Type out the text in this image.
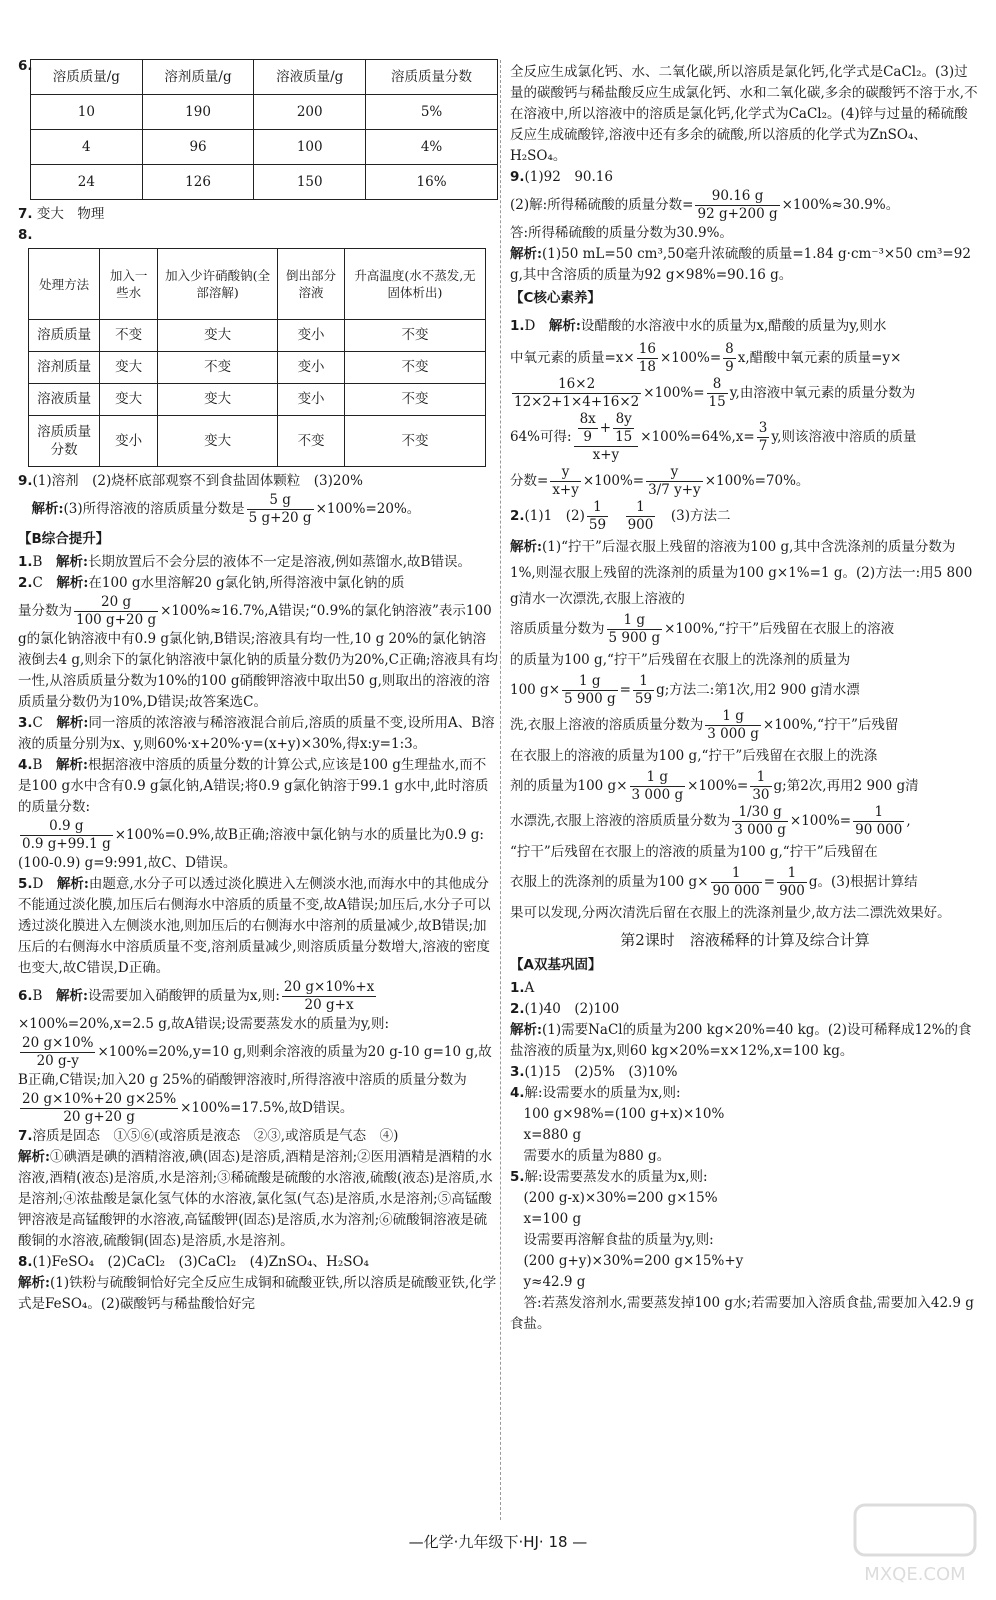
6.

溶质质量/g	溶剂质量/g	溶液质量/g	溶质质量分数
10	190	200	5%
4	96	100	4%
24	126	150	16%

7. 变大　物理

8.

处理方法	加入一些水	加入少许硝酸钠(全部溶解)	倒出部分溶液	升高温度(水不蒸发,无固体析出)
溶质质量	不变	变大	变小	不变
溶剂质量	变大	不变	变小	不变
溶液质量	变大	变大	变小	不变
溶质质量分数	变小	变大	不变	不变

9.(1)溶剂　(2)烧杯底部观察不到食盐固体颗粒　(3)20%

　解析:(3)所得溶液的溶质质量分数是 $\frac{5 g}{5 g+20 g} \times 100\%=20\%$。

【B综合提升】

1.B　 解析:长期放置后不会分层的液体不一定是溶液,例如蒸馏水,故B错误。

2.C　 解析:在100 g水里溶解20 g氯化钠,所得溶液中氯化钠的质
量分数为 $\frac{20 g}{100 g+20 g} \times 100\%\approx 16.7\%,A$错误;“0.9%的氯化钠溶液”表示100 g的氯化钠溶液中有0.9 g氯化钠,B错误;溶液具有均一性,10 g 20%的氯化钠溶液倒去4 g,则余下的氯化钠溶液中氯化钠的质量分数仍为20%,C正确;溶液具有均一性,从溶质质量分数为10%的100 g硝酸钾溶液中取出50 g,则取出的溶液的溶质质量分数仍为10%,D错误;故答案选C。

3.C　 解析:同一溶质的浓溶液与稀溶液混合前后,溶质的质量不变,设所用A、B溶液的质量分别为x、y,则60%·x+20%·y=(x+y)×30%,得x:y=1:3。

4.B　 解析:根据溶液中溶质的质量分数的计算公式,应该是100 g生理盐水,而不是100 g水中含有0.9 g氯化钠,A错误;将0.9 g氯化钠溶于99.1 g水中,此时溶质的质量分数:

$\frac{0.9 g}{0.9 g+99.1 g} \times 100\%=0.9\%$,故B正确;溶液中氯化钠与水的质量比为0.9 g:(100-0.9) g=9:991,故C、D错误。

5.D　 解析:由题意,水分子可以透过淡化膜进入左侧淡水池,而海水中的其他成分不能通过淡化膜,加压后右侧海水中溶质的质量不变,故A错误;加压后,水分子可以透过淡化膜进入左侧淡水池,则加压后的右侧海水中溶剂的质量减少,故B错误;加压后的右侧海水中溶质质量不变,溶剂质量减少,则溶质质量分数增大,溶液的密度也变大,故C错误,D正确。

6.B　 解析:设需要加入硝酸钾的质量为x,则: $\frac{20 g\times 10\%+x}{20 g+x}$
×100%=20%,x=2.5 g,故A错误;设需要蒸发水的质量为y,则:

$\frac{20 g\times 10\%}{20 g-y} \times 100\%=20\%,y=10$ g,则剩余溶液的质量为20 g-10 g=10 g,故B正确,C错误;加入20 g 25%的硝酸钾溶液时,所得溶液中溶质的质量分数为
$\frac{20 g\times 10\%+20 g\times 25\%}{20 g+20 g} \times 100\%=17.5\%$,故D错误。

7.溶质是固态　①⑤⑥(或溶质是液态　②③,或溶质是气态　④)
解析:①碘酒是碘的酒精溶液,碘(固态)是溶质,酒精是溶剂;②医用酒精是酒精的水溶液,酒精(液态)是溶质,水是溶剂;③稀硫酸是硫酸的水溶液,硫酸(液态)是溶质,水是溶剂;④浓盐酸是氯化氢气体的水溶液,氯化氢(气态)是溶质,水是溶剂;⑤高锰酸钾溶液是高锰酸钾的水溶液,高锰酸钾(固态)是溶质,水为溶剂;⑥硫酸铜溶液是硫酸铜的水溶液,硫酸铜(固态)是溶质,水是溶剂。

8.(1)FeSO₄　(2)CaCl₂　(3)CaCl₂　(4)ZnSO₄、H₂SO₄
解析:(1)铁粉与硫酸铜恰好完全反应生成铜和硫酸亚铁,所以溶质是硫酸亚铁,化学式是FeSO₄。(2)碳酸钙与稀盐酸恰好完

全反应生成氯化钙、水、二氧化碳,所以溶质是氯化钙,化学式是CaCl₂。(3)过量的碳酸钙与稀盐酸反应生成氯化钙、水和二氧化碳,多余的碳酸钙不溶于水,不在溶液中,所以溶液中的溶质是氯化钙,化学式为CaCl₂。(4)锌与过量的稀硫酸反应生成硫酸锌,溶液中还有多余的硫酸,所以溶质的化学式为ZnSO₄、H₂SO₄。

9.(1)92　90.16

(2)解:所得稀硫酸的质量分数= $\frac{90.16 g}{92 g+200 g} \times 100\%\approx 30.9\%$。

答:所得稀硫酸的质量分数为30.9%。

解析:(1)50 mL=50 cm³,50毫升浓硫酸的质量=1.84 g·cm⁻³×50 cm³=92 g,其中含溶质的质量为92 g×98%=90.16 g。

【C核心素养】

1.D　 解析:设醋酸的水溶液中水的质量为x,醋酸的质量为y,则水
中氧元素的质量$=x\times \frac{16}{18} \times 100\%= \frac{8}{9} x$,醋酸中氧元素的质量=y×

$\frac{16\times 2}{12\times 2+1\times 4+16\times 2} \times 100\%= \frac{8}{15} y$,由溶液中氧元素的质量分数为
64%可得: $\frac{\frac{8x}{9} + \frac{8y}{15}}{x+y} \times 100\%=64\%,x= \frac{3}{7} y$,则该溶液中溶质的质量
分数= $\frac{y}{x+y} \times 100\%= \frac{y}{3/7 y+y} \times 100\%=70\%$。

2.(1)1　$(2) \frac{1}{59}$
　 $\frac{1}{900}$
　 (3)方法二
解析:(1)“拧干”后湿衣服上残留的溶液为100 g,其中含洗涤剂的质量分数为1%,则湿衣服上残留的洗涤剂的质量为100 g×1%=1 g。(2)方法一:用5 800 g清水一次漂洗,衣服上溶液的
溶质质量分数为 $\frac{1 g}{5 900 g}$ ×100%,“拧干”后残留在衣服上的溶液
的质量为100 g,“拧干”后残留在衣服上的洗涤剂的质量为
100 $g\times \frac{1 g}{5 900 g} = \frac{1}{59} g$;方法二:第1次,用2 900 g清水漂
洗,衣服上溶液的溶质质量分数为 $\frac{1 g}{3 000 g}$ ×100%,“拧干”后残留
在衣服上的溶液的质量为100 g,“拧干”后残留在衣服上的洗涤
剂的质量为100 $g\times \frac{1 g}{3 000 g} \times 100\%= \frac{1}{30} g$;第2次,再用2 900 g清
水漂洗,衣服上溶液的溶质质量分数为 $\frac{1/30 g}{3 000 g} \times 100\%= \frac{1}{90 000}$ ,
“拧干”后残留在衣服上的溶液的质量为100 g,“拧干”后残留在
衣服上的洗涤剂的质量为100 $g\times \frac{1}{90 000} = \frac{1}{900}$ g。(3)根据计算结
果可以发现,分两次清洗后留在衣服上的洗涤剂量少,故方法二漂洗效果好。

第2课时　溶液稀释的计算及综合计算

【A双基巩固】

1.A

2.(1)40　(2)100
解析:(1)需要NaCl的质量为200 kg×20%=40 kg。(2)设可稀释成12%的食盐溶液的质量为x,则60 kg×20%=x×12%,x=100 kg。

3.(1)15　(2)5%　(3)10%

4.解:设需要水的质量为x,则:
　100 g×98%=(100 g+x)×10%
　x=880 g
　需要水的质量为880 g。

5.解:设需要蒸发水的质量为x,则:
　(200 g-x)×30%=200 g×15%
　x=100 g
　设需要再溶解食盐的质量为y,则:
　(200 g+y)×30%=200 g×15%+y
　y≈42.9 g
　答:若蒸发溶剂水,需要蒸发掉100 g水;若需要加入溶质食盐,需要加入42.9 g食盐。

—化学·九年级下·HJ· 18 —
MXQE.COM
